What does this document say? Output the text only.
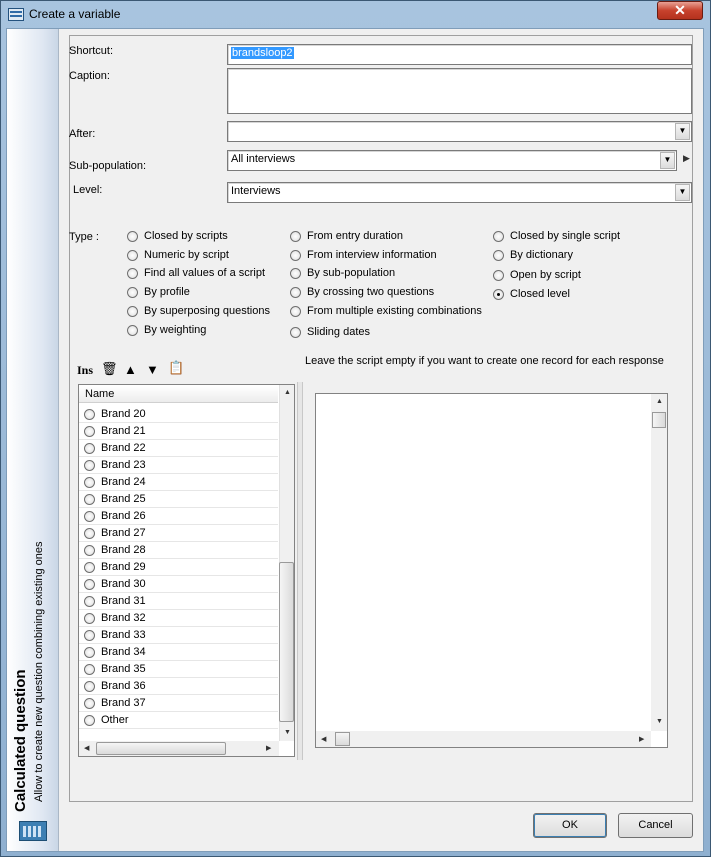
Create a variable	✕
Calculated question Allow to create new question combining existing ones
Shortcut:	brandsloop2
Caption:
After:	▼
Sub-population:
All interviews	▼	▶
Level:	Interviews	▼
Type :	Closed by scripts
Numeric by script
Find all values of a script
By profile
By superposing questions
By weighting
From entry duration
From interview information
By sub-population
By crossing two questions
From multiple existing combinations
Sliding dates
Closed by single script
By dictionary
Open by script
Closed level
Ins 🗑 ▲ ▼ 📋	Leave the script empty if you want to create one record for each response
Name
Brand 20
Brand 21
Brand 22
Brand 23
Brand 24
Brand 25
Brand 26
Brand 27
Brand 28
Brand 29
Brand 30
Brand 31
Brand 32
Brand 33
Brand 34
Brand 35
Brand 36
Brand 37
Other
▲
▼
◀	▶
▲
▼
◀	▶
OK	Cancel
